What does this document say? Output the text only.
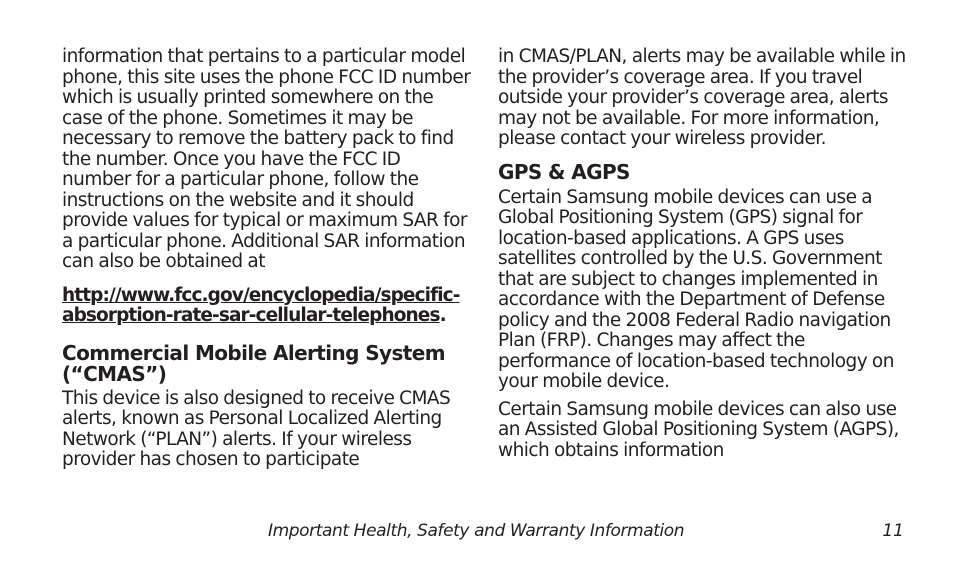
information that pertains to a particular model phone, this site uses the phone FCC ID number which is usually printed somewhere on the case of the phone. Sometimes it may be necessary to remove the battery pack to find the number. Once you have the FCC ID number for a particular phone, follow the instructions on the website and it should provide values for typical or maximum SAR for a particular phone. Additional SAR information can also be obtained at

http://www.fcc.gov/encyclopedia/specific-absorption-rate-sar-cellular-telephones.

Commercial Mobile Alerting System (“CMAS”)

This device is also designed to receive CMAS alerts, known as Personal Localized Alerting Network (“PLAN”) alerts. If your wireless provider has chosen to participate

in CMAS/PLAN, alerts may be available while in the provider’s coverage area. If you travel outside your provider’s coverage area, alerts may not be available. For more information, please contact your wireless provider.

GPS & AGPS

Certain Samsung mobile devices can use a Global Positioning System (GPS) signal for location-based applications. A GPS uses satellites controlled by the U.S. Government that are subject to changes implemented in accordance with the Department of Defense policy and the 2008 Federal Radio navigation Plan (FRP). Changes may affect the performance of location-based technology on your mobile device.

Certain Samsung mobile devices can also use an Assisted Global Positioning System (AGPS), which obtains information

Important Health, Safety and Warranty Information	11
